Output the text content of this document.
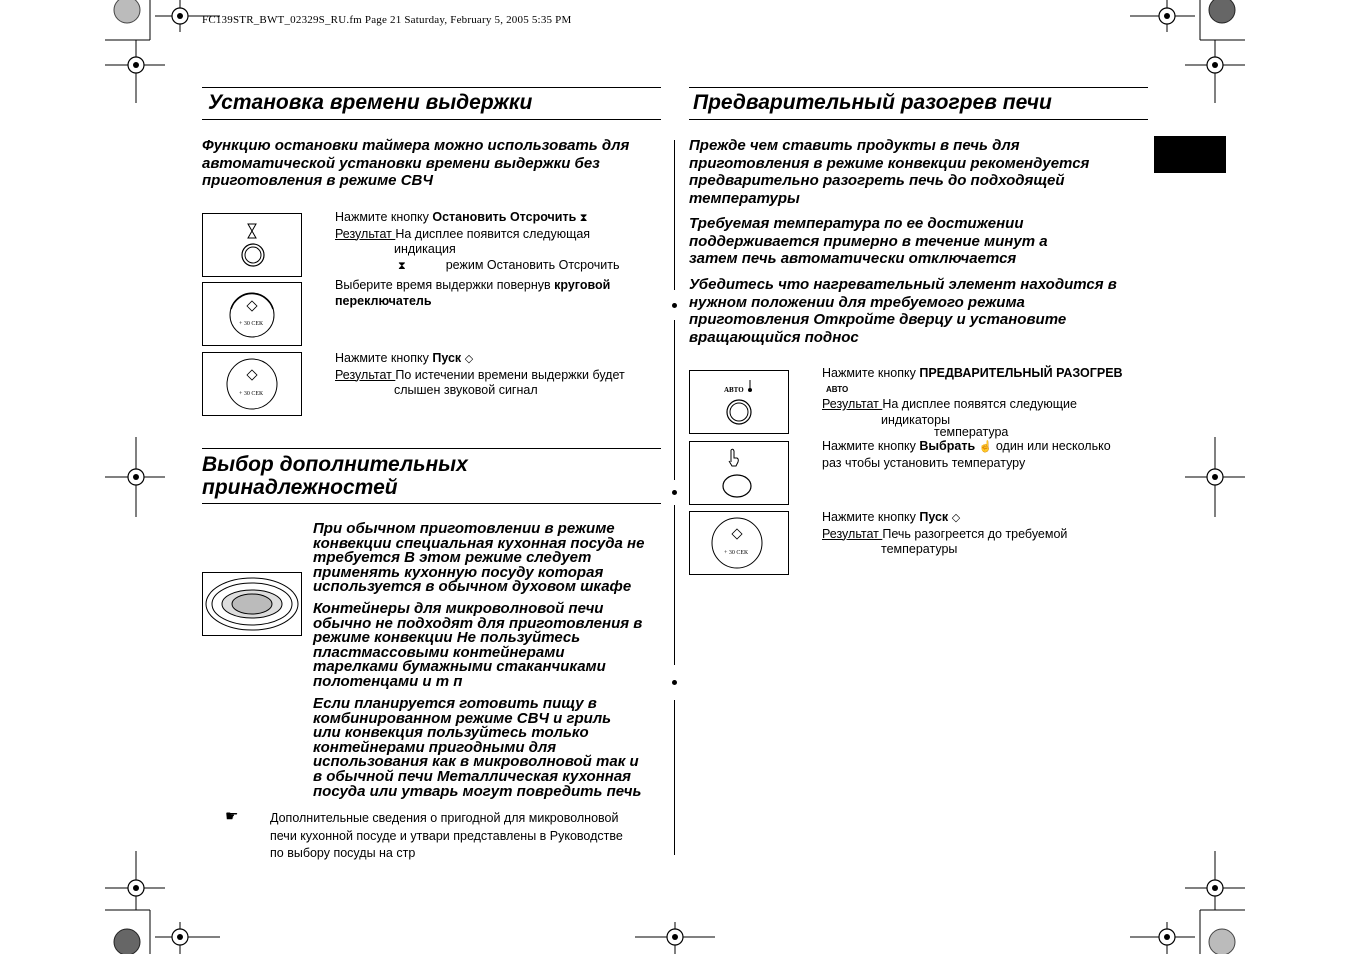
FC139STR_BWT_02329S_RU.fm Page 21 Saturday, February 5, 2005 5:35 PM
Установка времени выдержки
Функцию остановки таймера можно использовать для
автоматической установки времени выдержки без
приготовления в режиме СВЧ
+ 30 СЕК
+ 30 СЕК
Нажмите кнопку Остановить Отсрочить ⧗
Результат На дисплее появится следующая
индикация
⧗	режим Остановить Отсрочить
Выберите время выдержки повернув круговой
переключатель
Нажмите кнопку Пуск ◇
Результат По истечении времени выдержки будет
слышен звуковой сигнал
Выбор дополнительных
принадлежностей
При обычном приготовлении в режиме
конвекции специальная кухонная посуда не
требуется В этом режиме следует
применять кухонную посуду которая
используется в обычном духовом шкафе
Контейнеры для микроволновой печи
обычно не подходят для приготовления в
режиме конвекции Не пользуйтесь
пластмассовыми контейнерами
тарелками бумажными стаканчиками
полотенцами и т п
Если планируется готовить пищу в
комбинированном режиме СВЧ и гриль
или конвекция пользуйтесь только
контейнерами пригодными для
использования как в микроволновой так и
в обычной печи Металлическая кухонная
посуда или утварь могут повредить печь
☛	Дополнительные сведения о пригодной для микроволновой
печи кухонной посуде и утвари представлены в Руководстве
по выбору посуды на стр
Предварительный разогрев печи
Прежде чем ставить продукты в печь для
приготовления в режиме конвекции рекомендуется
предварительно разогреть печь до подходящей
температуры
Требуемая температура по ее достижении
поддерживается примерно в течение минут а
затем печь автоматически отключается
Убедитесь что нагревательный элемент находится в
нужном положении для требуемого режима
приготовления Откройте дверцу и установите
вращающийся поднос
АВТО
+ 30 СЕК
Нажмите кнопку ПРЕДВАРИТЕЛЬНЫЙ РАЗОГРЕВ
АВТО
Результат На дисплее появятся следующие
индикаторы
температура
Нажмите кнопку Выбрать ☝ один или несколько
раз чтобы установить температуру
Нажмите кнопку Пуск ◇
Результат Печь разогреется до требуемой
температуры
